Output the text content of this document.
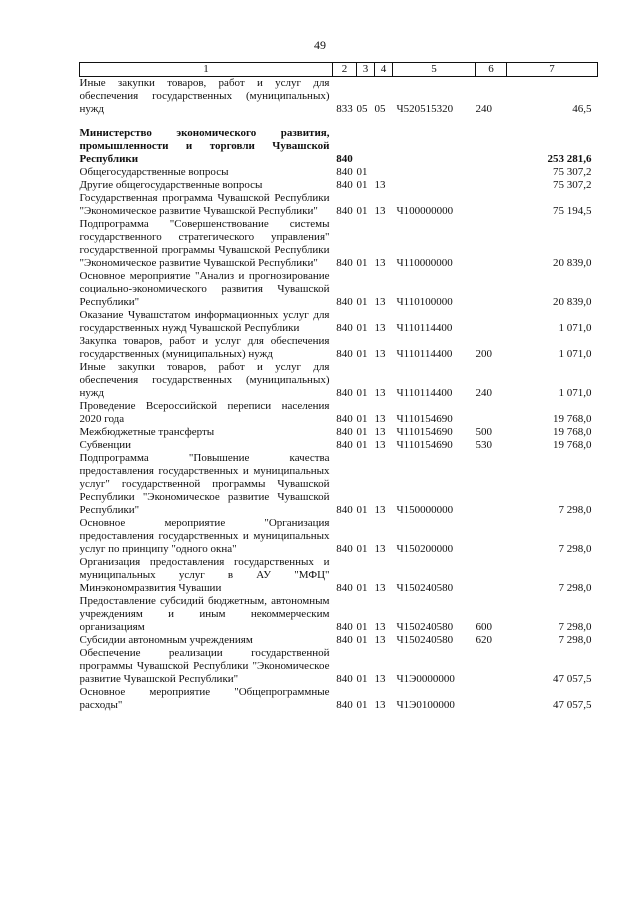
49
1	2	3	4	5	6	7
Иные закупки товаров, работ и услуг для обеспечения государственных (муниципальных) нужд	833	05	05	Ч520515320	240	46,5

Министерство экономического развития, промышленности и торговли Чувашской Республики	840					253 281,6
Общегосударственные вопросы	840	01				75 307,2
Другие общегосударственные вопросы	840	01	13			75 307,2
Государственная программа Чувашской Республики "Экономическое развитие Чувашской Республики"	840	01	13	Ч100000000		75 194,5
Подпрограмма "Совершенствование системы государственного стратегического управления" государственной программы Чувашской Республики "Экономическое развитие Чувашской Республики"	840	01	13	Ч110000000		20 839,0
Основное мероприятие "Анализ и прогнозирование социально-экономического развития Чувашской Республики"	840	01	13	Ч110100000		20 839,0
Оказание Чувашстатом информационных услуг для государственных нужд Чувашской Республики	840	01	13	Ч110114400		1 071,0
Закупка товаров, работ и услуг для обеспечения государственных (муниципальных) нужд	840	01	13	Ч110114400	200	1 071,0
Иные закупки товаров, работ и услуг для обеспечения государственных (муниципальных) нужд	840	01	13	Ч110114400	240	1 071,0
Проведение Всероссийской переписи населения 2020 года	840	01	13	Ч110154690		19 768,0
Межбюджетные трансферты	840	01	13	Ч110154690	500	19 768,0
Субвенции	840	01	13	Ч110154690	530	19 768,0
Подпрограмма "Повышение качества предоставления государственных и муниципальных услуг" государственной программы Чувашской Республики "Экономическое развитие Чувашской Республики"	840	01	13	Ч150000000		7 298,0
Основное мероприятие "Организация предоставления государственных и муниципальных услуг по принципу "одного окна"	840	01	13	Ч150200000		7 298,0
Организация предоставления государственных и муниципальных услуг в АУ "МФЦ" Минэкономразвития Чувашии	840	01	13	Ч150240580		7 298,0
Предоставление субсидий бюджетным, автономным учреждениям и иным некоммерческим организациям	840	01	13	Ч150240580	600	7 298,0
Субсидии автономным учреждениям	840	01	13	Ч150240580	620	7 298,0
Обеспечение реализации государственной программы Чувашской Республики "Экономическое развитие Чувашской Республики"	840	01	13	Ч1Э0000000		47 057,5
Основное мероприятие "Общепрограммные расходы"	840	01	13	Ч1Э0100000		47 057,5
